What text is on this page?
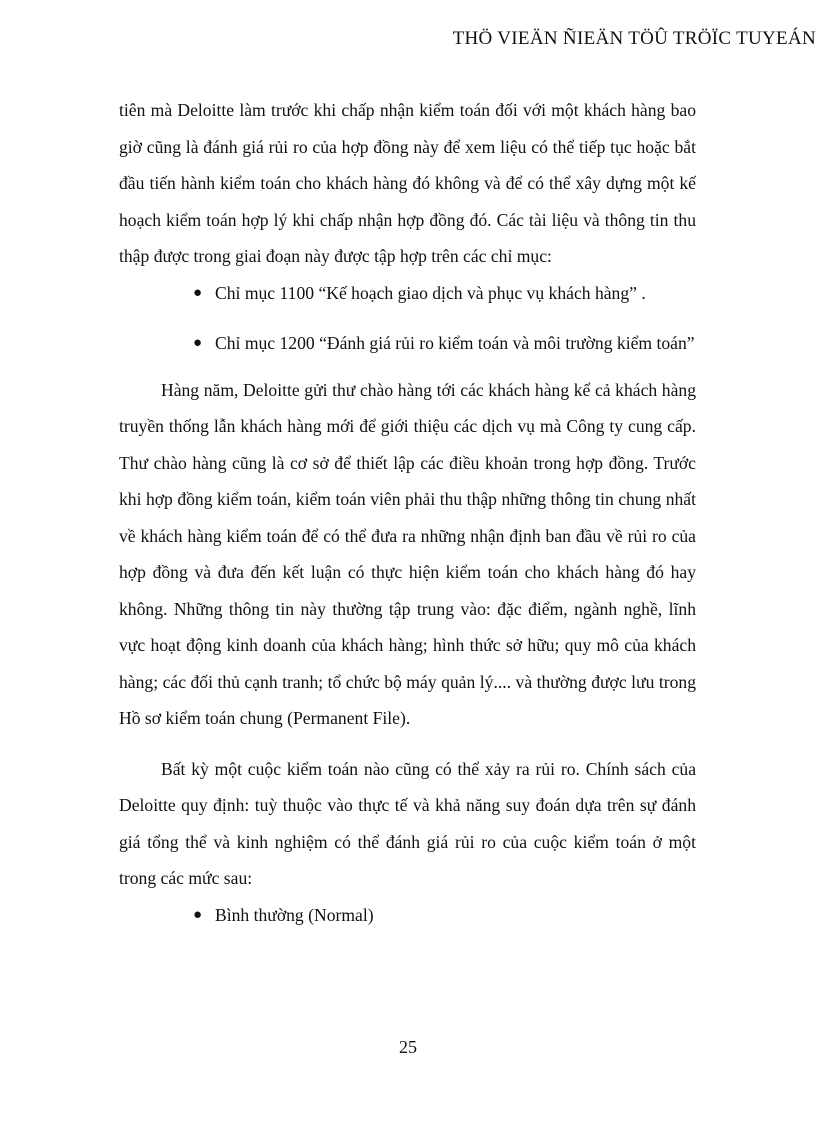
THÖ VIEÄN ÑIEÄN TÖÛ TRÖÏC TUYEÁN

tiên mà Deloitte làm trước khi chấp nhận kiểm toán đối với một khách hàng bao giờ cũng là đánh giá rủi ro của hợp đồng này để xem liệu có thể tiếp tục hoặc bắt đầu tiến hành kiểm toán cho khách hàng đó không và để có thể xây dựng một kế hoạch kiểm toán hợp lý khi chấp nhận hợp đồng đó. Các tài liệu và thông tin thu thập được trong giai đoạn này được tập hợp trên các chỉ mục:

● Chỉ mục 1100 “Kế hoạch giao dịch và phục vụ khách hàng” .
● Chỉ mục 1200 “Đánh giá rủi ro kiểm toán và môi trường kiểm toán”

Hàng năm, Deloitte gửi thư chào hàng tới các khách hàng kể cả khách hàng truyền thống lẫn khách hàng mới để giới thiệu các dịch vụ mà Công ty cung cấp. Thư chào hàng cũng là cơ sở để thiết lập các điều khoản trong hợp đồng. Trước khi hợp đồng kiểm toán, kiểm toán viên phải thu thập những thông tin chung nhất về khách hàng kiểm toán để có thể đưa ra những nhận định ban đầu về rủi ro của hợp đồng và đưa đến kết luận có thực hiện kiểm toán cho khách hàng đó hay không. Những thông tin này thường tập trung vào: đặc điểm, ngành nghề, lĩnh vực hoạt động kinh doanh của khách hàng; hình thức sở hữu; quy mô của khách hàng; các đối thủ cạnh tranh; tổ chức bộ máy quản lý.... và thường được lưu trong Hồ sơ kiểm toán chung (Permanent File).

Bất kỳ một cuộc kiểm toán nào cũng có thể xảy ra rủi ro. Chính sách của Deloitte quy định: tuỳ thuộc vào thực tế và khả năng suy đoán dựa trên sự đánh giá tổng thể và kinh nghiệm có thể đánh giá rủi ro của cuộc kiểm toán ở một trong các mức sau:

● Bình thường (Normal)
25
